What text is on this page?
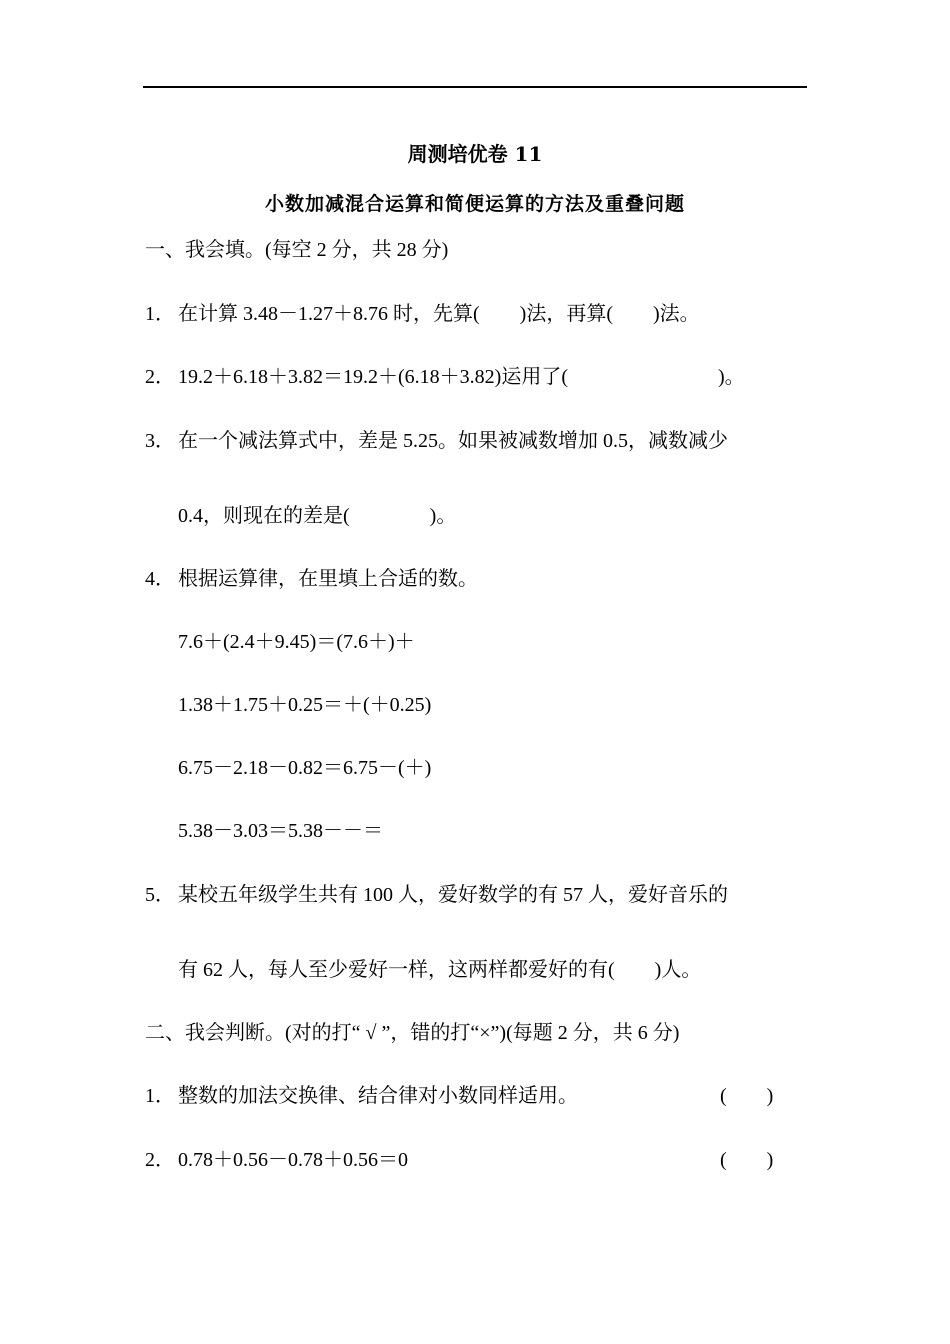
周测培优卷 11
小数加减混合运算和简便运算的方法及重叠问题
一、我会填。(每空 2 分，共 28 分)
1． 在计算 3.48－1.27＋8.76 时，先算(        )法，再算(        )法。
2． 19.2＋6.18＋3.82＝19.2＋(6.18＋3.82)运用了(                              )。
3． 在一个减法算式中，差是 5.25。如果被减数增加 0.5，减数减少
0.4，则现在的差是(                )。
4． 根据运算律，在里填上合适的数。
7.6＋(2.4＋9.45)＝(7.6＋)＋
1.38＋1.75＋0.25＝＋(＋0.25)
6.75－2.18－0.82＝6.75－(＋)
5.38－3.03＝5.38－－＝
5． 某校五年级学生共有 100 人，爱好数学的有 57 人，爱好音乐的
有 62 人，每人至少爱好一样，这两样都爱好的有(        )人。
二、我会判断。(对的打“ √ ”，错的打“×”)(每题 2 分，共 6 分)
1． 整数的加法交换律、结合律对小数同样适用。	(        )
2． 0.78＋0.56－0.78＋0.56＝0	(        )
